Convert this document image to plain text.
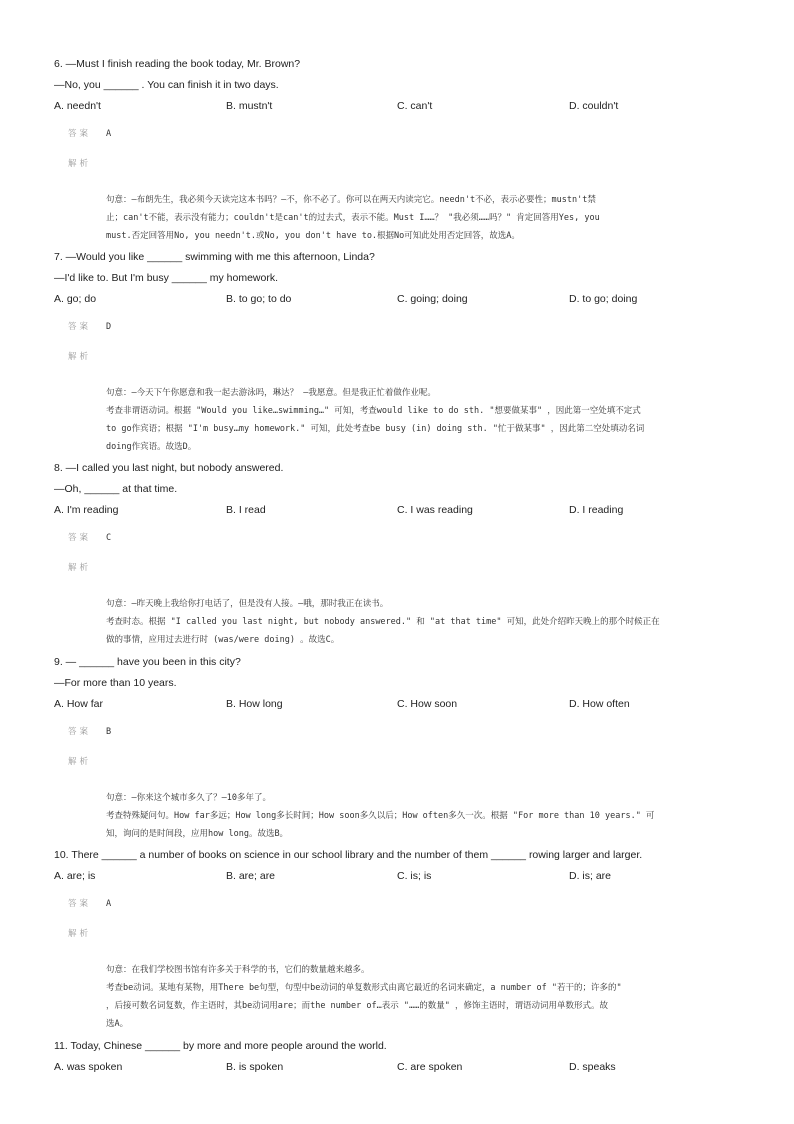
6. —Must I finish reading the book today, Mr. Brown?
—No, you ______ . You can finish it in two days.
A. needn't	B. mustn't	C. can't	D. couldn't
答案 A

解析

句意：—布朗先生，我必须今天读完这本书吗？—不，你不必了。你可以在两天内读完它。needn't不必，表示必要性；mustn't禁
止；can't不能，表示没有能力；couldn't是can't的过去式，表示不能。Must I……？ "我必须……吗？" 肯定回答用Yes, you
must.否定回答用No, you needn't.或No, you don't have to.根据No可知此处用否定回答，故选A。

7. —Would you like ______ swimming with me this afternoon, Linda?
—I'd like to. But I'm busy ______ my homework.
A. go; do	B. to go; to do	C. going; doing	D. to go; doing
答案 D

解析

句意：—今天下午你愿意和我一起去游泳吗，琳达？ —我愿意。但是我正忙着做作业呢。
考查非谓语动词。根据 "Would you like…swimming…" 可知，考查would like to do sth. "想要做某事" ，因此第一空处填不定式
to go作宾语；根据 "I'm busy…my homework." 可知，此处考查be busy (in) doing sth. "忙于做某事" ，因此第二空处填动名词
doing作宾语。故选D。

8. —I called you last night, but nobody answered.
—Oh, ______ at that time.
A. I'm reading	B. I read	C. I was reading	D. I reading
答案 C

解析

句意：—昨天晚上我给你打电话了，但是没有人接。—哦，那时我正在读书。
考查时态。根据 "I called you last night, but nobody answered." 和 "at that time" 可知，此处介绍昨天晚上的那个时候正在
做的事情，应用过去进行时 (was/were doing) 。故选C。

9. — ______ have you been in this city?
—For more than 10 years.
A. How far	B. How long	C. How soon	D. How often
答案 B

解析

句意：—你来这个城市多久了？—10多年了。
考查特殊疑问句。How far多远；How long多长时间；How soon多久以后；How often多久一次。根据 "For more than 10 years." 可
知，询问的是时间段，应用how long。故选B。

10. There ______ a number of books on science in our school library and the number of them ______ rowing larger and larger.
A. are; is	B. are; are	C. is; is	D. is; are
答案 A

解析

句意：在我们学校图书馆有许多关于科学的书，它们的数量越来越多。
考查be动词。某地有某物，用There be句型，句型中be动词的单复数形式由离它最近的名词来确定，a number of "若干的；许多的"
，后接可数名词复数，作主语时，其be动词用are；而the number of…表示 "……的数量" ，修饰主语时，谓语动词用单数形式。故
选A。

11. Today, Chinese ______ by more and more people around the world.
A. was spoken	B. is spoken	C. are spoken	D. speaks
